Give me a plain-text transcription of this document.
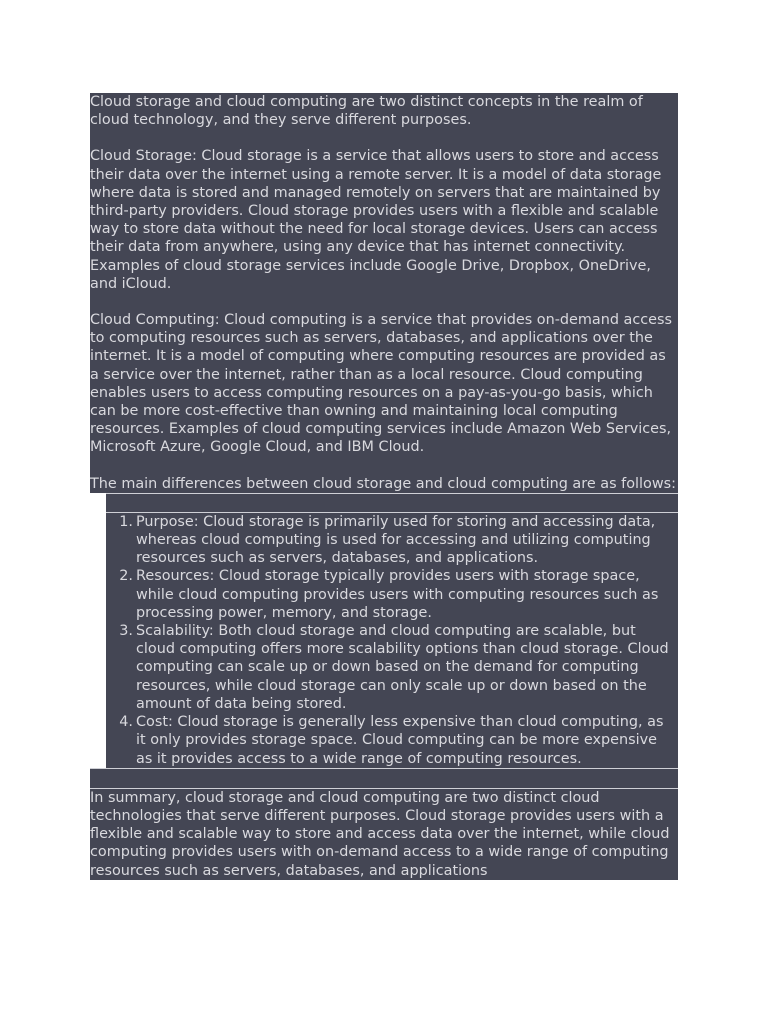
Cloud storage and cloud computing are two distinct concepts in the realm of cloud technology, and they serve different purposes.

Cloud Storage: Cloud storage is a service that allows users to store and access their data over the internet using a remote server. It is a model of data storage where data is stored and managed remotely on servers that are maintained by third-party providers. Cloud storage provides users with a flexible and scalable way to store data without the need for local storage devices. Users can access their data from anywhere, using any device that has internet connectivity. Examples of cloud storage services include Google Drive, Dropbox, OneDrive, and iCloud.

Cloud Computing: Cloud computing is a service that provides on-demand access to computing resources such as servers, databases, and applications over the internet. It is a model of computing where computing resources are provided as a service over the internet, rather than as a local resource. Cloud computing enables users to access computing resources on a pay-as-you-go basis, which can be more cost-effective than owning and maintaining local computing resources. Examples of cloud computing services include Amazon Web Services, Microsoft Azure, Google Cloud, and IBM Cloud.

The main differences between cloud storage and cloud computing are as follows:

1. Purpose: Cloud storage is primarily used for storing and accessing data, whereas cloud computing is used for accessing and utilizing computing resources such as servers, databases, and applications.
2. Resources: Cloud storage typically provides users with storage space, while cloud computing provides users with computing resources such as processing power, memory, and storage.
3. Scalability: Both cloud storage and cloud computing are scalable, but cloud computing offers more scalability options than cloud storage. Cloud computing can scale up or down based on the demand for computing resources, while cloud storage can only scale up or down based on the amount of data being stored.
4. Cost: Cloud storage is generally less expensive than cloud computing, as it only provides storage space. Cloud computing can be more expensive as it provides access to a wide range of computing resources.

In summary, cloud storage and cloud computing are two distinct cloud technologies that serve different purposes. Cloud storage provides users with a flexible and scalable way to store and access data over the internet, while cloud computing provides users with on-demand access to a wide range of computing resources such as servers, databases, and applications
